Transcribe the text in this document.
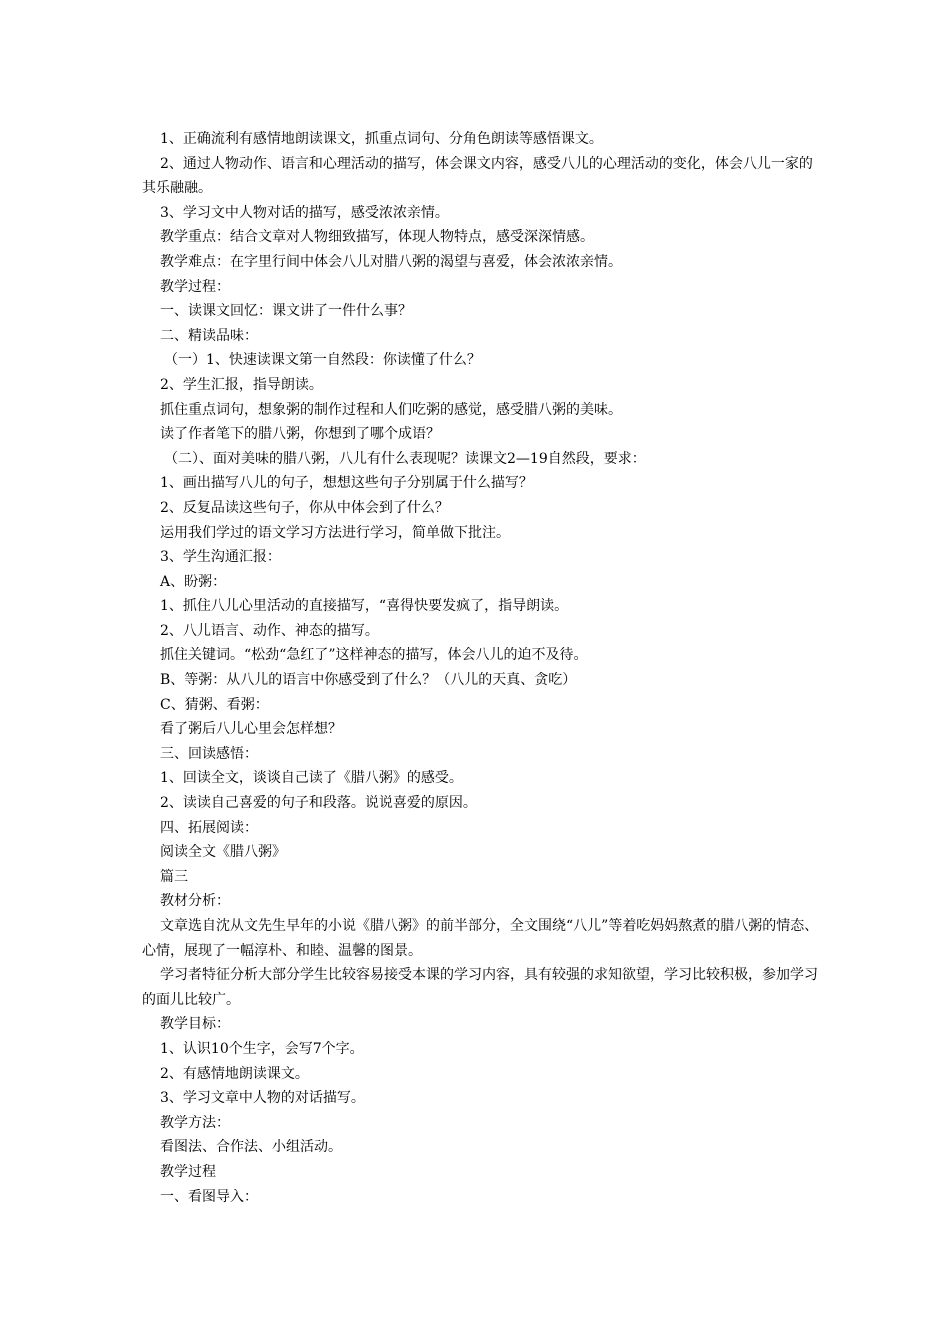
1、正确流利有感情地朗读课文，抓重点词句、分角色朗读等感悟课文。

2、通过人物动作、语言和心理活动的描写，体会课文内容，感受八儿的心理活动的变化，体会八儿一家的其乐融融。

3、学习文中人物对话的描写，感受浓浓亲情。

教学重点：结合文章对人物细致描写，体现人物特点，感受深深情感。

教学难点：在字里行间中体会八儿对腊八粥的渴望与喜爱，体会浓浓亲情。

教学过程：

一、读课文回忆：课文讲了一件什么事？

二、精读品味：

（一）1、快速读课文第一自然段：你读懂了什么？

2、学生汇报，指导朗读。

抓住重点词句，想象粥的制作过程和人们吃粥的感觉，感受腊八粥的美味。

读了作者笔下的腊八粥，你想到了哪个成语？

（二）、面对美味的腊八粥，八儿有什么表现呢？读课文2—19自然段，要求：

1、画出描写八儿的句子，想想这些句子分别属于什么描写？

2、反复品读这些句子，你从中体会到了什么？

运用我们学过的语文学习方法进行学习，简单做下批注。

3、学生沟通汇报：

A、盼粥：

1、抓住八儿心里活动的直接描写，“喜得快要发疯了，指导朗读。

2、八儿语言、动作、神态的描写。

抓住关键词。“松劲“急红了”这样神态的描写，体会八儿的迫不及待。

B、等粥：从八儿的语言中你感受到了什么？（八儿的天真、贪吃）

C、猜粥、看粥：

看了粥后八儿心里会怎样想？

三、回读感悟：

1、回读全文，谈谈自己读了《腊八粥》的感受。

2、读读自己喜爱的句子和段落。说说喜爱的原因。

四、拓展阅读：

阅读全文《腊八粥》

篇三

教材分析：

文章选自沈从文先生早年的小说《腊八粥》的前半部分，全文围绕“八儿”等着吃妈妈熬煮的腊八粥的情态、心情，展现了一幅淳朴、和睦、温馨的图景。

学习者特征分析大部分学生比较容易接受本课的学习内容，具有较强的求知欲望，学习比较积极，参加学习的面儿比较广。

教学目标：

1、认识10个生字，会写7个字。

2、有感情地朗读课文。

3、学习文章中人物的对话描写。

教学方法：

看图法、合作法、小组活动。

教学过程

一、看图导入：
